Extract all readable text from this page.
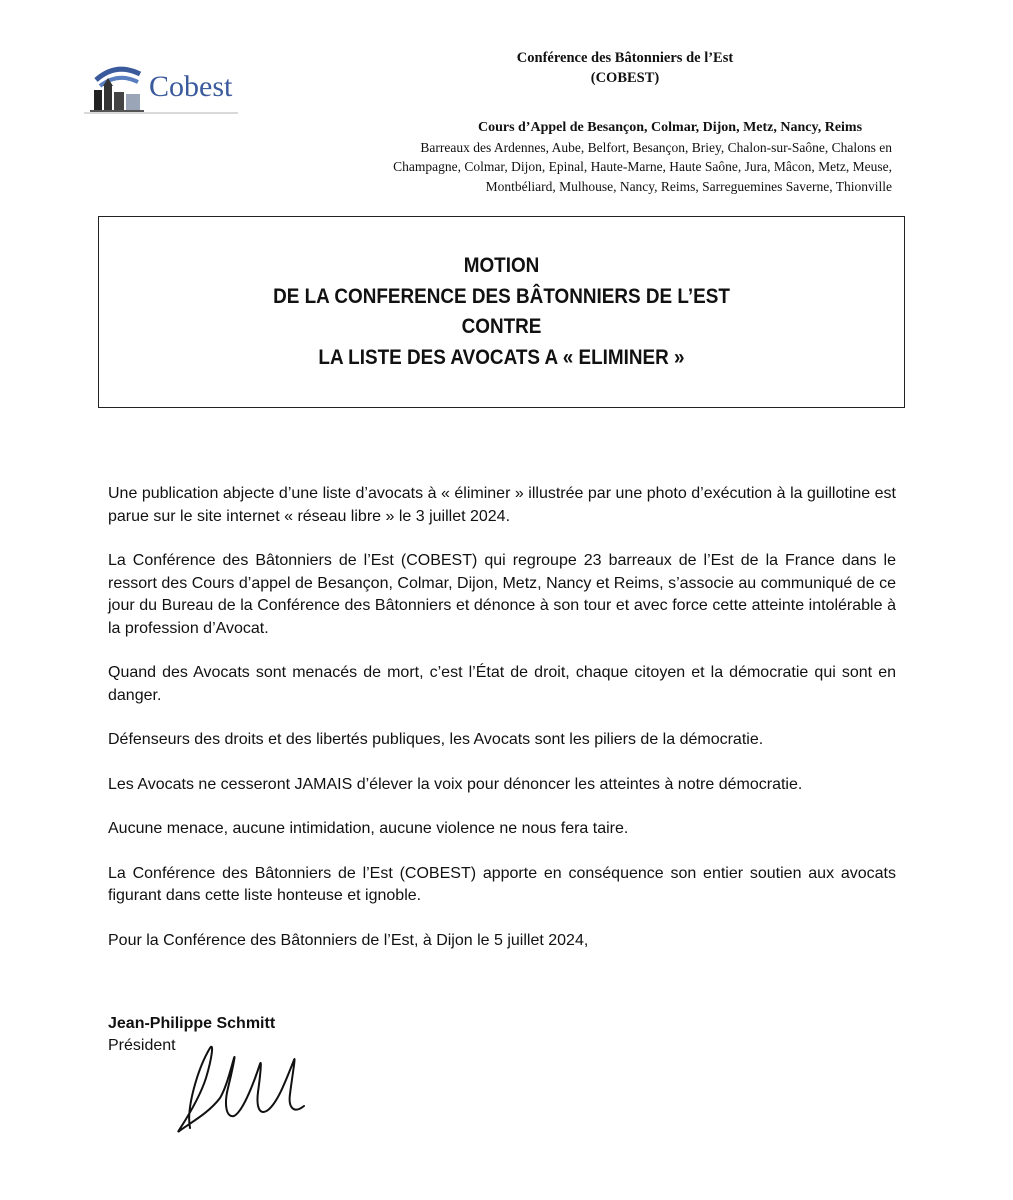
Cobest
Conférence des Bâtonniers de l’Est
(COBEST)
Cours d’Appel de Besançon, Colmar, Dijon, Metz, Nancy, Reims
Barreaux des Ardennes, Aube, Belfort, Besançon, Briey, Chalon-sur-Saône, Chalons en
Champagne, Colmar, Dijon, Epinal, Haute-Marne, Haute Saône, Jura, Mâcon, Metz, Meuse,
Montbéliard, Mulhouse, Nancy, Reims, Sarreguemines Saverne, Thionville
MOTION
DE LA CONFERENCE DES BÂTONNIERS DE L’EST
CONTRE
LA LISTE DES AVOCATS A « ELIMINER »

Une publication abjecte d’une liste d’avocats à « éliminer » illustrée par une photo d’exécution à la guillotine est parue sur le site internet « réseau libre » le 3 juillet 2024.

La Conférence des Bâtonniers de l’Est (COBEST) qui regroupe 23 barreaux de l’Est de la France dans le ressort des Cours d’appel de Besançon, Colmar, Dijon, Metz, Nancy et Reims, s’associe au communiqué de ce jour du Bureau de la Conférence des Bâtonniers et dénonce à son tour et avec force cette atteinte intolérable à la profession d’Avocat.

Quand des Avocats sont menacés de mort, c’est l’État de droit, chaque citoyen et la démocratie qui sont en danger.

Défenseurs des droits et des libertés publiques, les Avocats sont les piliers de la démocratie.

Les Avocats ne cesseront JAMAIS d’élever la voix pour dénoncer les atteintes à notre démocratie.

Aucune menace, aucune intimidation, aucune violence ne nous fera taire.

La Conférence des Bâtonniers de l’Est (COBEST) apporte en conséquence son entier soutien aux avocats figurant dans cette liste honteuse et ignoble.

Pour la Conférence des Bâtonniers de l’Est, à Dijon le 5 juillet 2024,

Jean-Philippe Schmitt
Président
